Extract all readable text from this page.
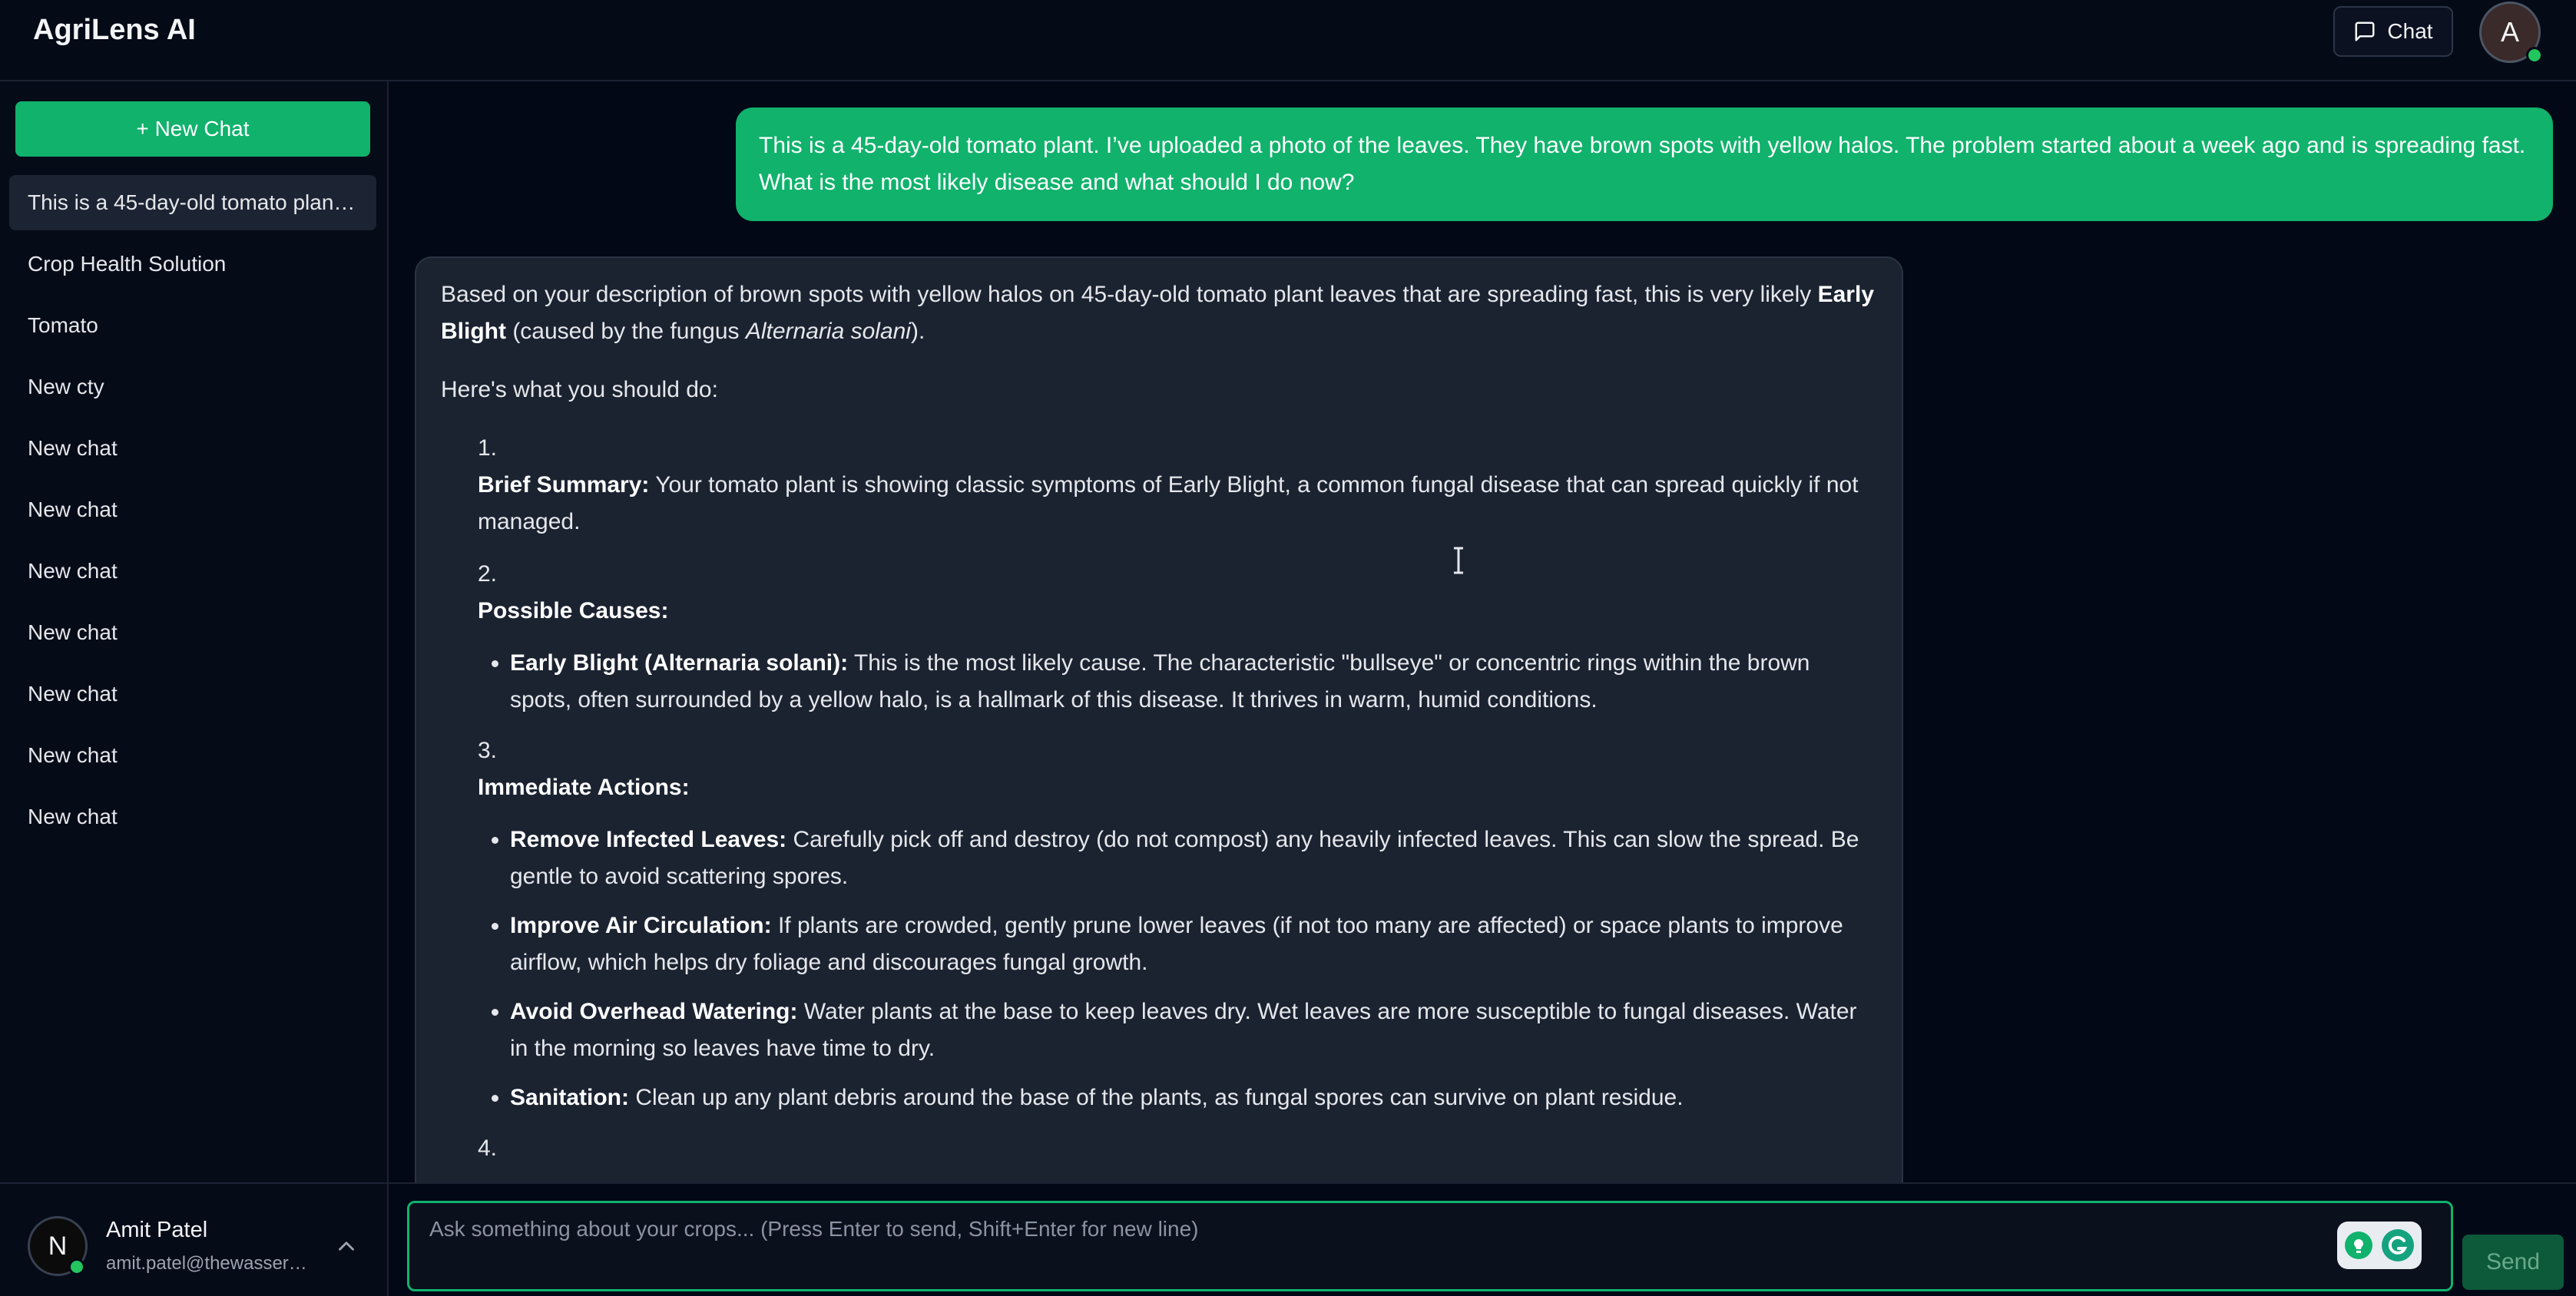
AgriLens AI	Chat A
+ New Chat
This is a 45-day-old tomato plan…
Crop Health Solution
Tomato
New cty
New chat
New chat
New chat
New chat
New chat
New chat
New chat
N
Amit Patel
amit.patel@thewasser…
This is a 45-day-old tomato plant. I’ve uploaded a photo of the leaves. They have brown spots with yellow halos. The problem started about a week ago and is spreading fast. What is the most likely disease and what should I do now?

Based on your description of brown spots with yellow halos on 45-day-old tomato plant leaves that are spreading fast, this is very likely Early Blight (caused by the fungus Alternaria solani).

Here's what you should do:

1.
Brief Summary: Your tomato plant is showing classic symptoms of Early Blight, a common fungal disease that can spread quickly if not managed.
2.
Possible Causes:
• Early Blight (Alternaria solani): This is the most likely cause. The characteristic "bullseye" or concentric rings within the brown spots, often surrounded by a yellow halo, is a hallmark of this disease. It thrives in warm, humid conditions.
3.
Immediate Actions:
• Remove Infected Leaves: Carefully pick off and destroy (do not compost) any heavily infected leaves. This can slow the spread. Be gentle to avoid scattering spores.
• Improve Air Circulation: If plants are crowded, gently prune lower leaves (if not too many are affected) or space plants to improve airflow, which helps dry foliage and discourages fungal growth.
• Avoid Overhead Watering: Water plants at the base to keep leaves dry. Wet leaves are more susceptible to fungal diseases. Water in the morning so leaves have time to dry.
• Sanitation: Clean up any plant debris around the base of the plants, as fungal spores can survive on plant residue.
4.
Ask something about your crops... (Press Enter to send, Shift+Enter for new line)
Send
